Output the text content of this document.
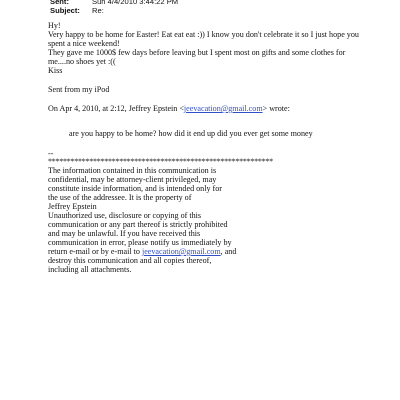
Sent:	Sun 4/4/2010 3:44:22 PM
Subject: Re:
Hy!
Very happy to be home for Easter! Eat eat eat :)) I know you don't celebrate it so I just hope you
spent a nice weekend!
They gave me 1000$ few days before leaving but I spent most on gifts and some clothes for
me....no shoes yet :((
Kiss
Sent from my iPod
On Apr 4, 2010, at 2:12, Jeffrey Epstein <jeevacation@gmail.com> wrote:
are you happy to be home? how did it end up did you ever get some money
--
************************************************************
The information contained in this communication is
confidential, may be attorney-client privileged, may
constitute inside information, and is intended only for
the use of the addressee. It is the property of
Jeffrey Epstein
Unauthorized use, disclosure or copying of this
communication or any part thereof is strictly prohibited
and may be unlawful. If you have received this
communication in error, please notify us immediately by
return e-mail or by e-mail to jeevacation@gmail.com, and
destroy this communication and all copies thereof,
including all attachments.
